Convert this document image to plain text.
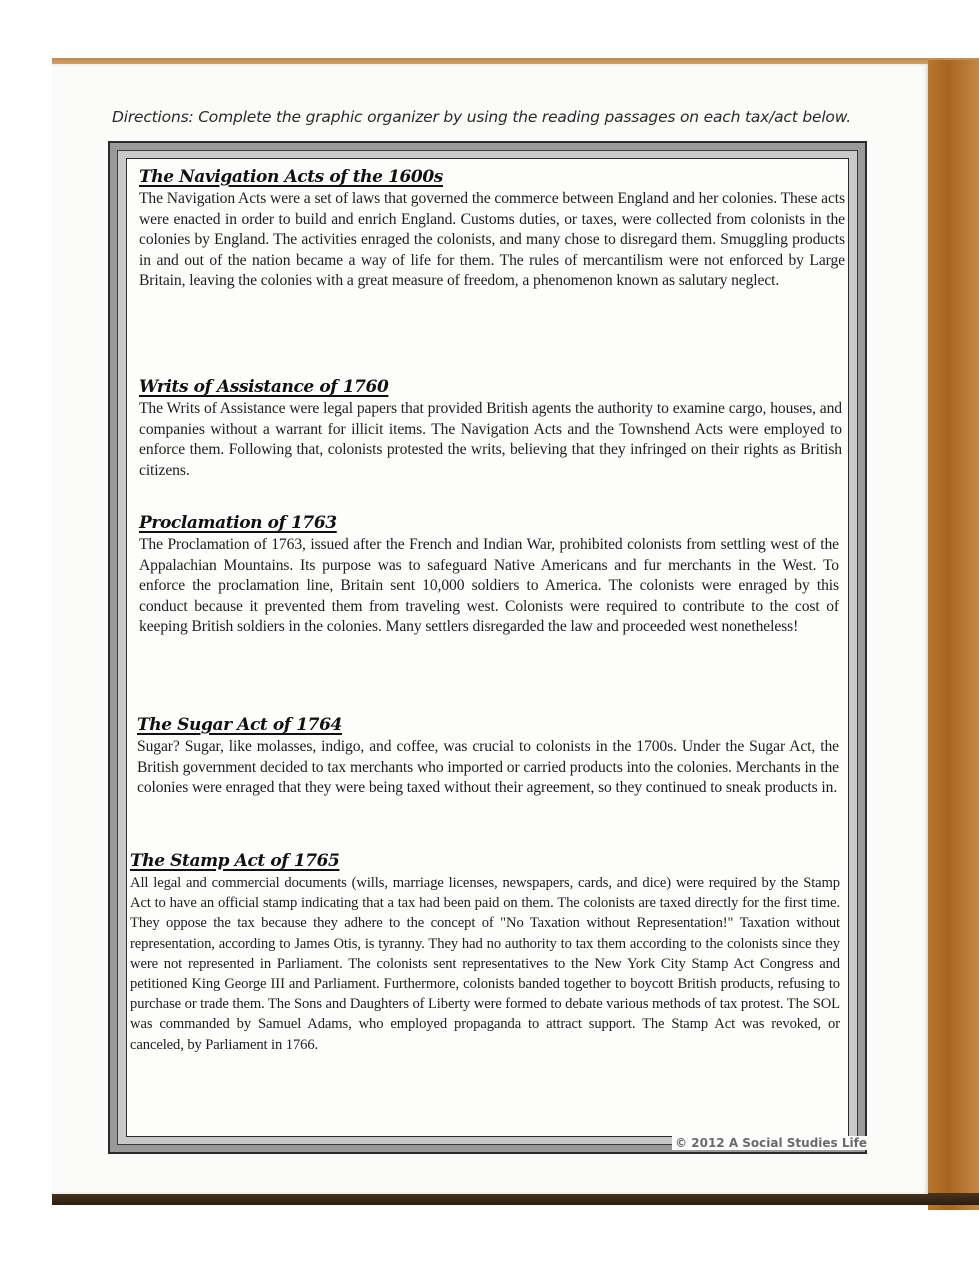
Directions: Complete the graphic organizer by using the reading passages on each tax/act below.
The Navigation Acts of the 1600s

The Navigation Acts were a set of laws that governed the commerce between England and her colonies. These acts were enacted in order to build and enrich England. Customs duties, or taxes, were collected from colonists in the colonies by England. The activities enraged the colonists, and many chose to disregard them. Smuggling products in and out of the nation became a way of life for them. The rules of mercantilism were not enforced by Large Britain, leaving the colonies with a great measure of freedom, a phenomenon known as salutary neglect.

Writs of Assistance of 1760

The Writs of Assistance were legal papers that provided British agents the authority to examine cargo, houses, and companies without a warrant for illicit items. The Navigation Acts and the Townshend Acts were employed to enforce them. Following that, colonists protested the writs, believing that they infringed on their rights as British citizens.

Proclamation of 1763

The Proclamation of 1763, issued after the French and Indian War, prohibited colonists from settling west of the Appalachian Mountains. Its purpose was to safeguard Native Americans and fur merchants in the West. To enforce the proclamation line, Britain sent 10,000 soldiers to America. The colonists were enraged by this conduct because it prevented them from traveling west. Colonists were required to contribute to the cost of keeping British soldiers in the colonies. Many settlers disregarded the law and proceeded west nonetheless!

The Sugar Act of 1764

Sugar? Sugar, like molasses, indigo, and coffee, was crucial to colonists in the 1700s. Under the Sugar Act, the British government decided to tax merchants who imported or carried products into the colonies. Merchants in the colonies were enraged that they were being taxed without their agreement, so they continued to sneak products in.

The Stamp Act of 1765

All legal and commercial documents (wills, marriage licenses, newspapers, cards, and dice) were required by the Stamp Act to have an official stamp indicating that a tax had been paid on them. The colonists are taxed directly for the first time. They oppose the tax because they adhere to the concept of "No Taxation without Representation!" Taxation without representation, according to James Otis, is tyranny. They had no authority to tax them according to the colonists since they were not represented in Parliament. The colonists sent representatives to the New York City Stamp Act Congress and petitioned King George III and Parliament. Furthermore, colonists banded together to boycott British products, refusing to purchase or trade them. The Sons and Daughters of Liberty were formed to debate various methods of tax protest. The SOL was commanded by Samuel Adams, who employed propaganda to attract support. The Stamp Act was revoked, or canceled, by Parliament in 1766.

© 2012 A Social Studies Life
